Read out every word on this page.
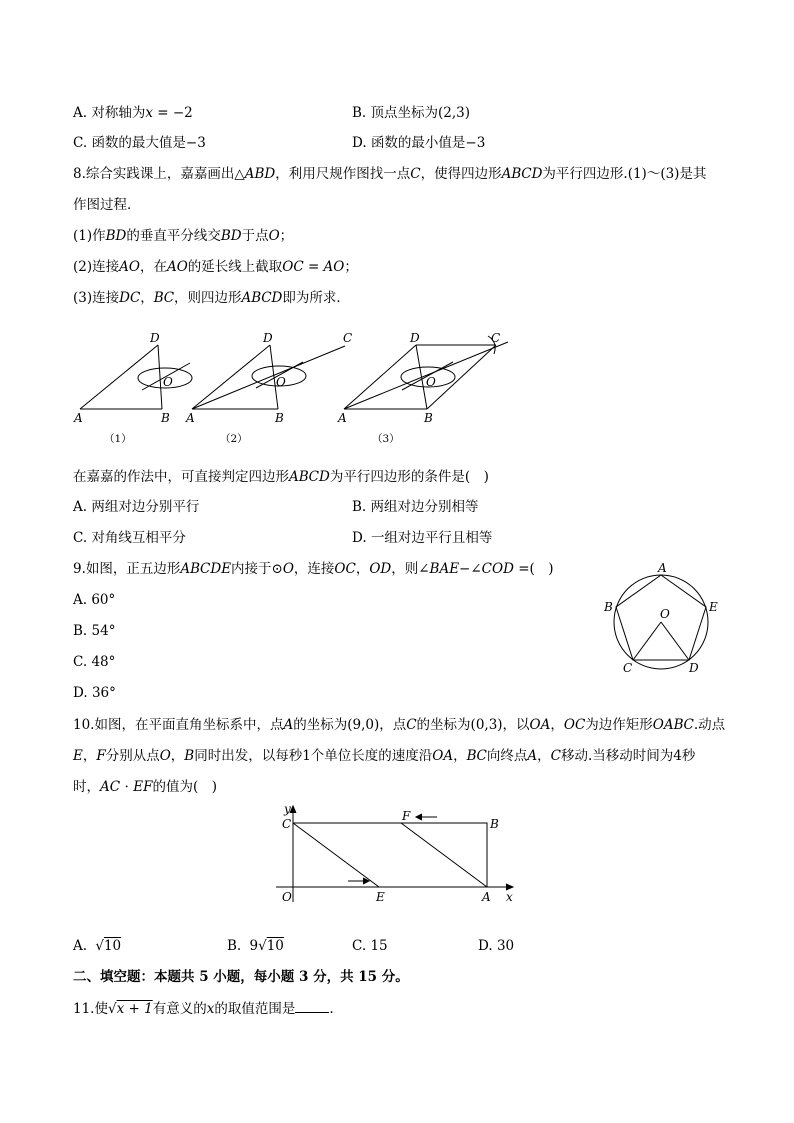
A. 对称轴为𝑥 = −2	B. 顶点坐标为(2,3)
C. 函数的最大值是−3	D. 函数的最小值是−3
8.综合实践课上，嘉嘉画出△𝐴𝐵𝐷，利用尺规作图找一点𝐶，使得四边形𝐴𝐵𝐶𝐷为平行四边形.(1)～(3)是其
作图过程．
(1)作𝐵𝐷的垂直平分线交𝐵𝐷于点𝑂；
(2)连接𝐴𝑂，在𝐴𝑂的延长线上截取𝑂𝐶 = 𝐴𝑂；
(3)连接𝐷𝐶，𝐵𝐶，则四边形𝐴𝐵𝐶𝐷即为所求．
D
A	B
O
D
A	B
O
C	D
A	B
O
C
（1）	（2）	（3）
在嘉嘉的作法中，可直接判定四边形𝐴𝐵𝐶𝐷为平行四边形的条件是(　)
A. 两组对边分别平行	B. 两组对边分别相等
C. 对角线互相平分	D. 一组对边平行且相等
9.如图，正五边形𝐴𝐵𝐶𝐷𝐸内接于⊙𝑂，连接𝑂𝐶，𝑂𝐷，则∠𝐵𝐴𝐸−∠𝐶𝑂𝐷 =(　)
A. 60°
B. 54°
C. 48°
D. 36°
A
B
C	D
E
O
10.如图，在平面直角坐标系中，点𝐴的坐标为(9,0)，点𝐶的坐标为(0,3)，以𝑂𝐴，𝑂𝐶为边作矩形𝑂𝐴𝐵𝐶.动点
𝐸，𝐹分别从点𝑂，𝐵同时出发，以每秒1个单位长度的速度沿𝑂𝐴，𝐵𝐶向终点𝐴，𝐶移动.当移动时间为4秒
时，𝐴𝐶 ⋅ 𝐸𝐹的值为(　)
y
x
C
F
B
O	E	A
A. √10	B. 9√10	C. 15	D. 30
二、填空题：本题共 5 小题，每小题 3 分，共 15 分。
11.使√𝑥 + 1有意义的𝑥的取值范围是	.
